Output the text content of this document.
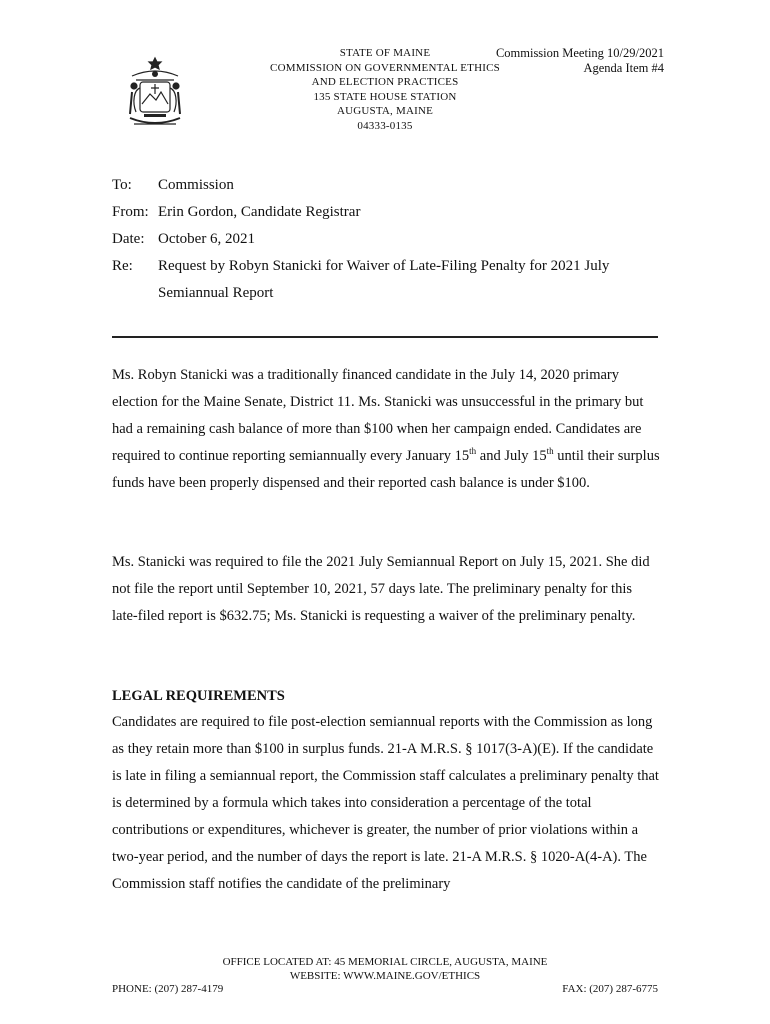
STATE OF MAINE
COMMISSION ON GOVERNMENTAL ETHICS
AND ELECTION PRACTICES
135 STATE HOUSE STATION
AUGUSTA, MAINE
04333-0135
Commission Meeting 10/29/2021
Agenda Item #4
To:	Commission
From: Erin Gordon, Candidate Registrar
Date: October 6, 2021
Re:	Request by Robyn Stanicki for Waiver of Late-Filing Penalty for 2021 July
Semiannual Report

Ms. Robyn Stanicki was a traditionally financed candidate in the July 14, 2020 primary election for the Maine Senate, District 11. Ms. Stanicki was unsuccessful in the primary but had a remaining cash balance of more than $100 when her campaign ended. Candidates are required to continue reporting semiannually every January 15th and July 15th until their surplus funds have been properly dispensed and their reported cash balance is under $100.

Ms. Stanicki was required to file the 2021 July Semiannual Report on July 15, 2021. She did not file the report until September 10, 2021, 57 days late. The preliminary penalty for this late-filed report is $632.75; Ms. Stanicki is requesting a waiver of the preliminary penalty.

LEGAL REQUIREMENTS

Candidates are required to file post-election semiannual reports with the Commission as long as they retain more than $100 in surplus funds. 21-A M.R.S. § 1017(3-A)(E). If the candidate is late in filing a semiannual report, the Commission staff calculates a preliminary penalty that is determined by a formula which takes into consideration a percentage of the total contributions or expenditures, whichever is greater, the number of prior violations within a two-year period, and the number of days the report is late. 21-A M.R.S. § 1020-A(4-A). The Commission staff notifies the candidate of the preliminary

OFFICE LOCATED AT: 45 MEMORIAL CIRCLE, AUGUSTA, MAINE
WEBSITE: WWW.MAINE.GOV/ETHICS
PHONE: (207) 287-4179	FAX: (207) 287-6775
